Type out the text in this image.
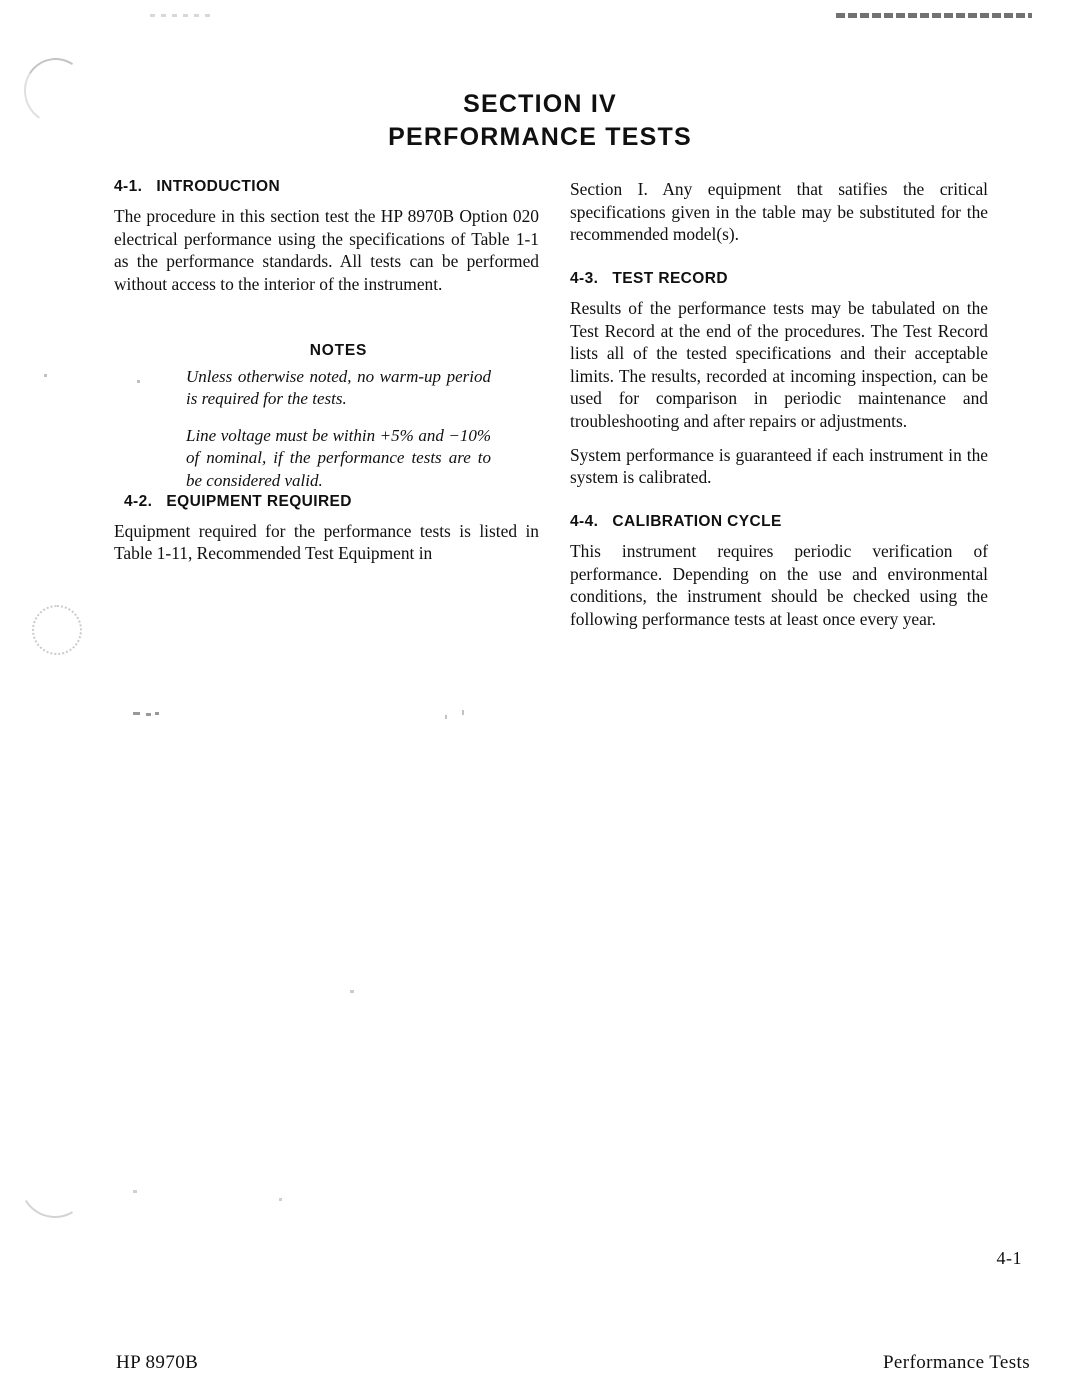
SECTION IV
PERFORMANCE TESTS
4-1.   INTRODUCTION

The procedure in this section test the HP 8970B Option 020 electrical performance using the specifications of Table 1-1 as the performance standards. All tests can be performed without access to the interior of the instrument.

NOTES

Unless otherwise noted, no warm-up period is required for the tests.

Line voltage must be within +5% and −10% of nominal, if the performance tests are to be considered valid.

4-2.   EQUIPMENT REQUIRED

Equipment required for the performance tests is listed in Table 1-11, Recommended Test Equipment in

Section I. Any equipment that satifies the critical specifications given in the table may be substituted for the recommended model(s).

4-3.   TEST RECORD

Results of the performance tests may be tabulated on the Test Record at the end of the procedures. The Test Record lists all of the tested specifications and their acceptable limits. The results, recorded at incoming inspection, can be used for comparison in periodic maintenance and troubleshooting and after repairs or adjustments.

System performance is guaranteed if each instrument in the system is calibrated.

4-4.   CALIBRATION CYCLE

This instrument requires periodic verification of performance. Depending on the use and environmental conditions, the instrument should be checked using the following performance tests at least once every year.

4-1
HP 8970B	Performance Tests
